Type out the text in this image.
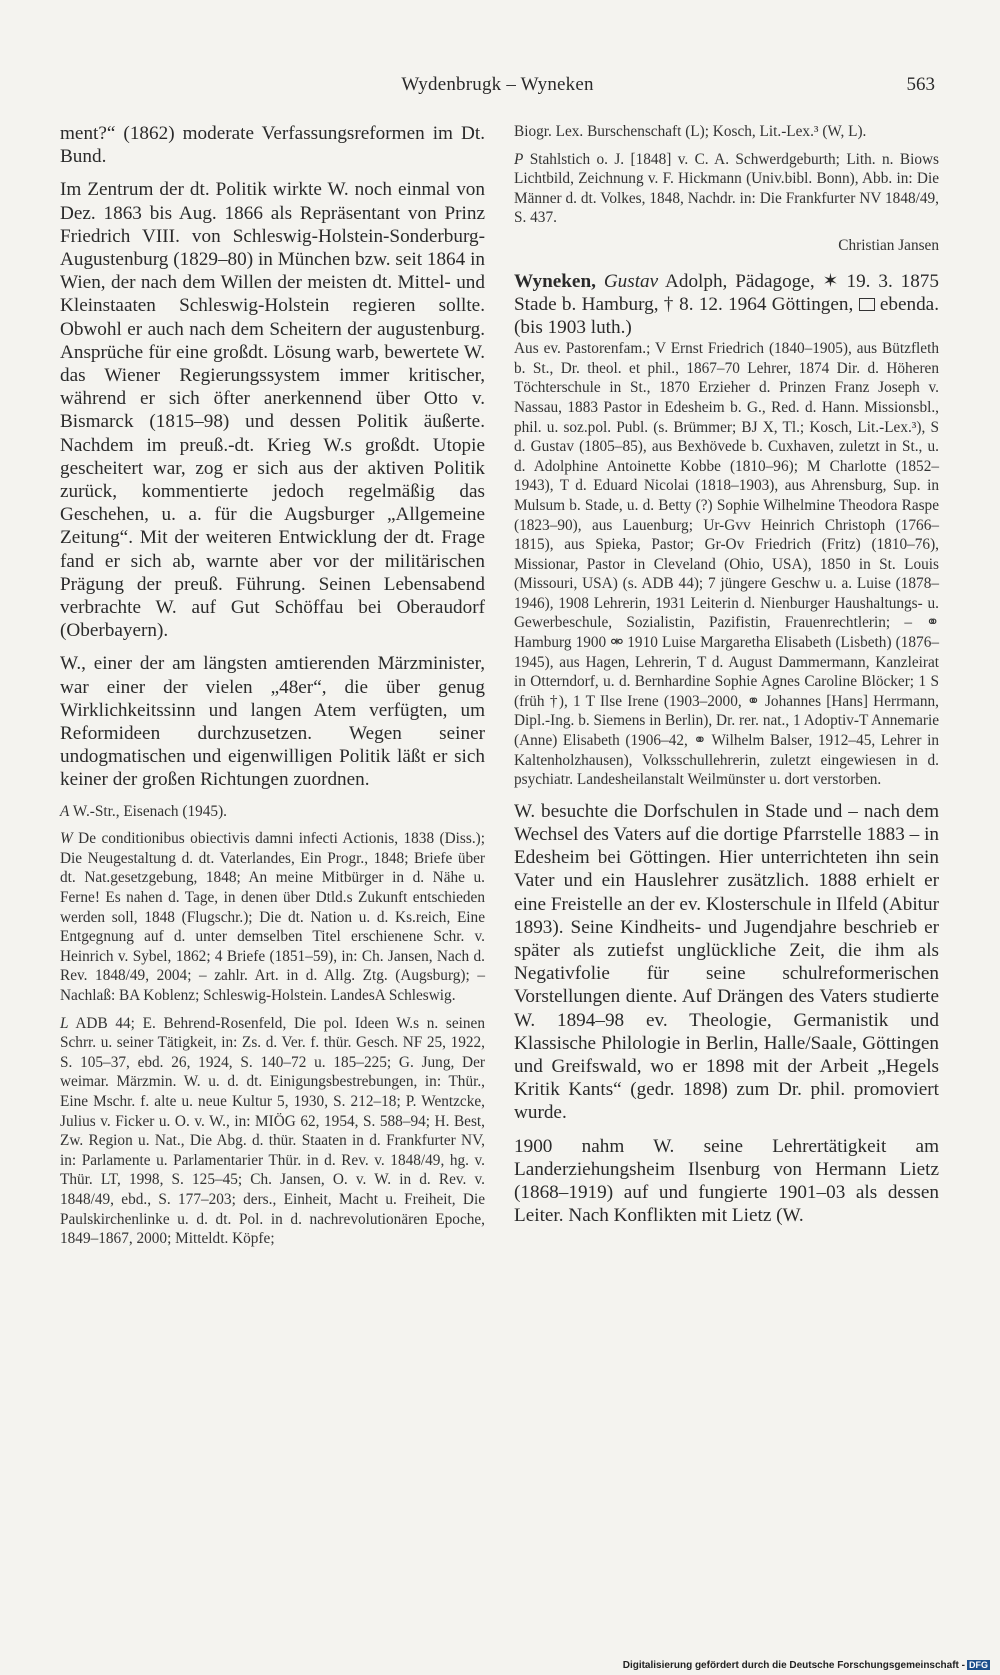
Wydenbrugk – Wyneken	563

ment?“ (1862) moderate Verfassungsreformen im Dt. Bund.

Im Zentrum der dt. Politik wirkte W. noch einmal von Dez. 1863 bis Aug. 1866 als Repräsentant von Prinz Friedrich VIII. von Schleswig-Holstein-Sonderburg-Augustenburg (1829–80) in München bzw. seit 1864 in Wien, der nach dem Willen der meisten dt. Mittel- und Kleinstaaten Schleswig-Holstein regieren sollte. Obwohl er auch nach dem Scheitern der augustenburg. Ansprüche für eine großdt. Lösung warb, bewertete W. das Wiener Regierungssystem immer kritischer, während er sich öfter anerkennend über Otto v. Bismarck (1815–98) und dessen Politik äußerte. Nachdem im preuß.-dt. Krieg W.s großdt. Utopie gescheitert war, zog er sich aus der aktiven Politik zurück, kommentierte jedoch regelmäßig das Geschehen, u. a. für die Augsburger „Allgemeine Zeitung“. Mit der weiteren Entwicklung der dt. Frage fand er sich ab, warnte aber vor der militärischen Prägung der preuß. Führung. Seinen Lebensabend verbrachte W. auf Gut Schöffau bei Oberaudorf (Oberbayern).

W., einer der am längsten amtierenden Märzminister, war einer der vielen „48er“, die über genug Wirklichkeitssinn und langen Atem verfügten, um Reformideen durchzusetzen. Wegen seiner undogmatischen und eigenwilligen Politik läßt er sich keiner der großen Richtungen zuordnen.

A W.-Str., Eisenach (1945).

W De conditionibus obiectivis damni infecti Actionis, 1838 (Diss.); Die Neugestaltung d. dt. Vaterlandes, Ein Progr., 1848; Briefe über dt. Nat.gesetzgebung, 1848; An meine Mitbürger in d. Nähe u. Ferne! Es nahen d. Tage, in denen über Dtld.s Zukunft entschieden werden soll, 1848 (Flugschr.); Die dt. Nation u. d. Ks.reich, Eine Entgegnung auf d. unter demselben Titel erschienene Schr. v. Heinrich v. Sybel, 1862; 4 Briefe (1851–59), in: Ch. Jansen, Nach d. Rev. 1848/49, 2004; – zahlr. Art. in d. Allg. Ztg. (Augsburg); – Nachlaß: BA Koblenz; Schleswig-Holstein. LandesA Schleswig.

L ADB 44; E. Behrend-Rosenfeld, Die pol. Ideen W.s n. seinen Schrr. u. seiner Tätigkeit, in: Zs. d. Ver. f. thür. Gesch. NF 25, 1922, S. 105–37, ebd. 26, 1924, S. 140–72 u. 185–225; G. Jung, Der weimar. Märzmin. W. u. d. dt. Einigungsbestrebungen, in: Thür., Eine Mschr. f. alte u. neue Kultur 5, 1930, S. 212–18; P. Wentzcke, Julius v. Ficker u. O. v. W., in: MIÖG 62, 1954, S. 588–94; H. Best, Zw. Region u. Nat., Die Abg. d. thür. Staaten in d. Frankfurter NV, in: Parlamente u. Parlamentarier Thür. in d. Rev. v. 1848/49, hg. v. Thür. LT, 1998, S. 125–45; Ch. Jansen, O. v. W. in d. Rev. v. 1848/49, ebd., S. 177–203; ders., Einheit, Macht u. Freiheit, Die Paulskirchenlinke u. d. dt. Pol. in d. nachrevolutionären Epoche, 1849–1867, 2000; Mitteldt. Köpfe;

Biogr. Lex. Burschenschaft (L); Kosch, Lit.-Lex.³ (W, L).

P Stahlstich o. J. [1848] v. C. A. Schwerdgeburth; Lith. n. Biows Lichtbild, Zeichnung v. F. Hickmann (Univ.bibl. Bonn), Abb. in: Die Männer d. dt. Volkes, 1848, Nachdr. in: Die Frankfurter NV 1848/49, S. 437.

Christian Jansen

Wyneken, Gustav Adolph, Pädagoge, ✶ 19. 3. 1875 Stade b. Hamburg, † 8. 12. 1964 Göttingen,  ebenda. (bis 1903 luth.)

Aus ev. Pastorenfam.; V Ernst Friedrich (1840–1905), aus Bützfleth b. St., Dr. theol. et phil., 1867–70 Lehrer, 1874 Dir. d. Höheren Töchterschule in St., 1870 Erzieher d. Prinzen Franz Joseph v. Nassau, 1883 Pastor in Edesheim b. G., Red. d. Hann. Missionsbl., phil. u. soz.pol. Publ. (s. Brümmer; BJ X, Tl.; Kosch, Lit.-Lex.³), S d. Gustav (1805–85), aus Bexhövede b. Cuxhaven, zuletzt in St., u. d. Adolphine Antoinette Kobbe (1810–96); M Charlotte (1852–1943), T d. Eduard Nicolai (1818–1903), aus Ahrensburg, Sup. in Mulsum b. Stade, u. d. Betty (?) Sophie Wilhelmine Theodora Raspe (1823–90), aus Lauenburg; Ur-Gvv Heinrich Christoph (1766–1815), aus Spieka, Pastor; Gr-Ov Friedrich (Fritz) (1810–76), Missionar, Pastor in Cleveland (Ohio, USA), 1850 in St. Louis (Missouri, USA) (s. ADB 44); 7 jüngere Geschw u. a. Luise (1878–1946), 1908 Lehrerin, 1931 Leiterin d. Nienburger Haushaltungs- u. Gewerbeschule, Sozialistin, Pazifistin, Frauenrechtlerin; – ⚭ Hamburg 1900 ⚮ 1910 Luise Margaretha Elisabeth (Lisbeth) (1876–1945), aus Hagen, Lehrerin, T d. August Dammermann, Kanzleirat in Otterndorf, u. d. Bernhardine Sophie Agnes Caroline Blöcker; 1 S (früh †), 1 T Ilse Irene (1903–2000, ⚭ Johannes [Hans] Herrmann, Dipl.-Ing. b. Siemens in Berlin), Dr. rer. nat., 1 Adoptiv-T Annemarie (Anne) Elisabeth (1906–42, ⚭ Wilhelm Balser, 1912–45, Lehrer in Kaltenholzhausen), Volksschullehrerin, zuletzt eingewiesen in d. psychiatr. Landesheilanstalt Weilmünster u. dort verstorben.

W. besuchte die Dorfschulen in Stade und – nach dem Wechsel des Vaters auf die dortige Pfarrstelle 1883 – in Edesheim bei Göttingen. Hier unterrichteten ihn sein Vater und ein Hauslehrer zusätzlich. 1888 erhielt er eine Freistelle an der ev. Klosterschule in Ilfeld (Abitur 1893). Seine Kindheits- und Jugendjahre beschrieb er später als zutiefst unglückliche Zeit, die ihm als Negativfolie für seine schulreformerischen Vorstellungen diente. Auf Drängen des Vaters studierte W. 1894–98 ev. Theologie, Germanistik und Klassische Philologie in Berlin, Halle/Saale, Göttingen und Greifswald, wo er 1898 mit der Arbeit „Hegels Kritik Kants“ (gedr. 1898) zum Dr. phil. promoviert wurde.

1900 nahm W. seine Lehrertätigkeit am Landerziehungsheim Ilsenburg von Hermann Lietz (1868–1919) auf und fungierte 1901–03 als dessen Leiter. Nach Konflikten mit Lietz (W.

Digitalisierung gefördert durch die Deutsche Forschungsgemeinschaft - DFG
